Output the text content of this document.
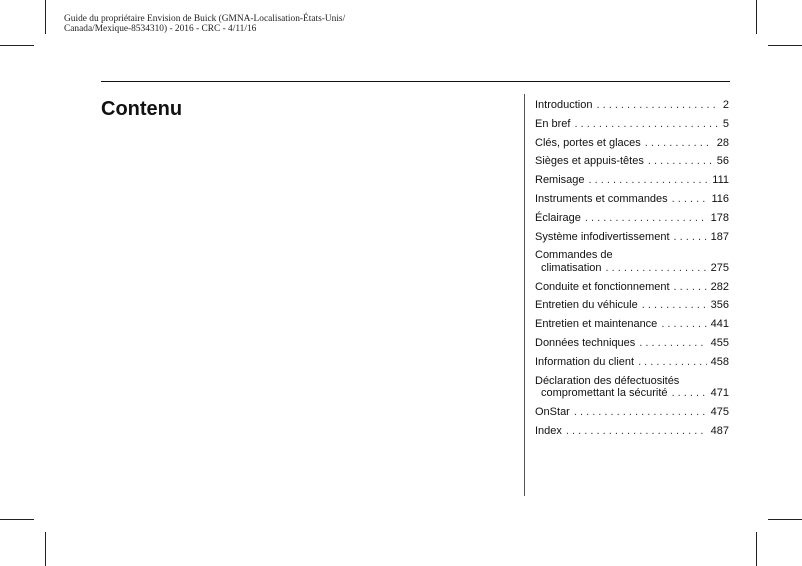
Guide du propriétaire Envision de Buick (GMNA-Localisation-États-Unis/
Canada/Mexique-8534310) - 2016 - CRC - 4/11/16
Contenu	Introduction . . .	2
En bref . . .	5
Clés, portes et glaces . . .	28
Sièges et appuis-têtes . . .	56
Remisage . . .	111
Instruments et commandes . . .	116
Éclairage . . .	178
Système infodivertissement . . .	187
Commandes de
climatisation . . .	275
Conduite et fonctionnement . . .	282
Entretien du véhicule . . .	356
Entretien et maintenance . . .	441
Données techniques . . .	455
Information du client . . .	458
Déclaration des défectuosités
compromettant la sécurité . . .	471
OnStar . . .	475
Index . . .	487
